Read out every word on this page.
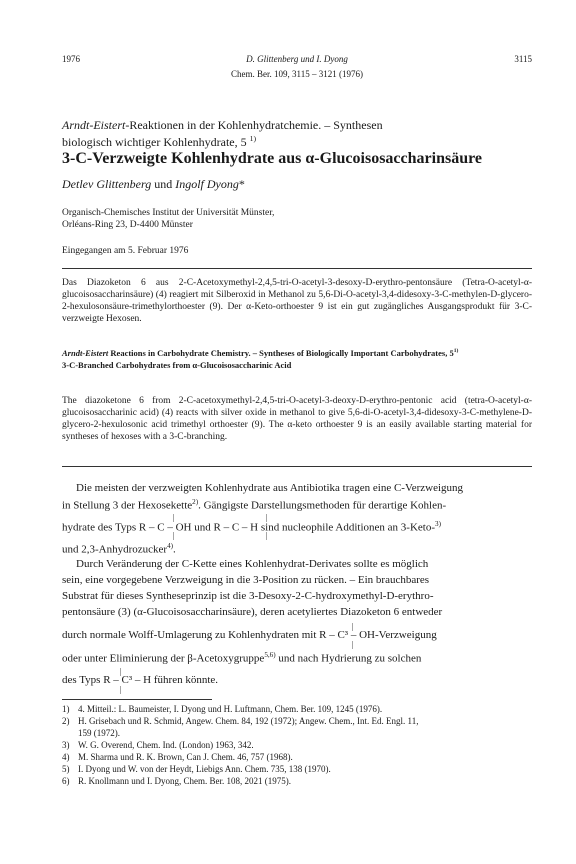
1976	D. Glittenberg und I. Dyong	3115
Chem. Ber. 109, 3115 – 3121 (1976)
Arndt-Eistert-Reaktionen in der Kohlenhydratchemie. – Synthesen
biologisch wichtiger Kohlenhydrate, 5 $^{1)}$
3-C-Verzweigte Kohlenhydrate aus α-Glucoisosaccharinsäure
Detlev Glittenberg und Ingolf Dyong*
Organisch-Chemisches Institut der Universität Münster,
Orléans-Ring 23, D-4400 Münster
Eingegangen am 5. Februar 1976
Das Diazoketon 6 aus 2-C-Acetoxymethyl-2,4,5-tri-O-acetyl-3-desoxy-D-erythro-pentonsäure (Tetra-O-acetyl-α-glucoisosaccharinsäure) (4) reagiert mit Silberoxid in Methanol zu 5,6-Di-O-acetyl-3,4-didesoxy-3-C-methylen-D-glycero-2-hexulosonsäure-trimethylorthoester (9). Der α-Keto-orthoester 9 ist ein gut zugängliches Ausgangsprodukt für 3-C-verzweigte Hexosen.
Arndt-Eistert Reactions in Carbohydrate Chemistry. – Syntheses of Biologically Important Carbohydrates, 5$^{1)}$
3-C-Branched Carbohydrates from α-Glucoisosaccharinic Acid
The diazoketone 6 from 2-C-acetoxymethyl-2,4,5-tri-O-acetyl-3-deoxy-D-erythro-pentonic acid (tetra-O-acetyl-α-glucoisosaccharinic acid) (4) reacts with silver oxide in methanol to give 5,6-di-O-acetyl-3,4-didesoxy-3-C-methylene-D-glycero-2-hexulosonic acid trimethyl orthoester (9). The α-keto orthoester 9 is an easily available starting material for syntheses of hexoses with a 3-C-branching.
Die meisten der verzweigten Kohlenhydrate aus Antibiotika tragen eine C-Verzweigung
in Stellung 3 der Hexosekette$^{2)}$. Gängigste Darstellungsmethoden für derartige Kohlen-
hydrate des Typs R – C – OH und R – C – H sind nucleophile Additionen an 3-Keto-$^{3)}$
|
|
|
|
und 2,3-Anhydrozucker$^{4)}$.
Durch Veränderung der C-Kette eines Kohlenhydrat-Derivates sollte es möglich
sein, eine vorgegebene Verzweigung in die 3-Position zu rücken. – Ein brauchbares
Substrat für dieses Syntheseprinzip ist die 3-Desoxy-2-C-hydroxymethyl-D-erythro-
pentonsäure (3) (α-Glucoisosaccharinsäure), deren acetyliertes Diazoketon 6 entweder
durch normale Wolff-Umlagerung zu Kohlenhydraten mit R – C³ – OH-Verzweigung
|
|
oder unter Eliminierung der β-Acetoxygruppe$^{5,6)}$ und nach Hydrierung zu solchen
des Typs R – C³ – H führen könnte.
|
|
1) 4. Mitteil.: L. Baumeister, I. Dyong und H. Luftmann, Chem. Ber. 109, 1245 (1976).
2) H. Grisebach und R. Schmid, Angew. Chem. 84, 192 (1972); Angew. Chem., Int. Ed. Engl. 11,
159 (1972).
3) W. G. Overend, Chem. Ind. (London) 1963, 342.
4) M. Sharma und R. K. Brown, Can J. Chem. 46, 757 (1968).
5) I. Dyong und W. von der Heydt, Liebigs Ann. Chem. 735, 138 (1970).
6) R. Knollmann und I. Dyong, Chem. Ber. 108, 2021 (1975).
